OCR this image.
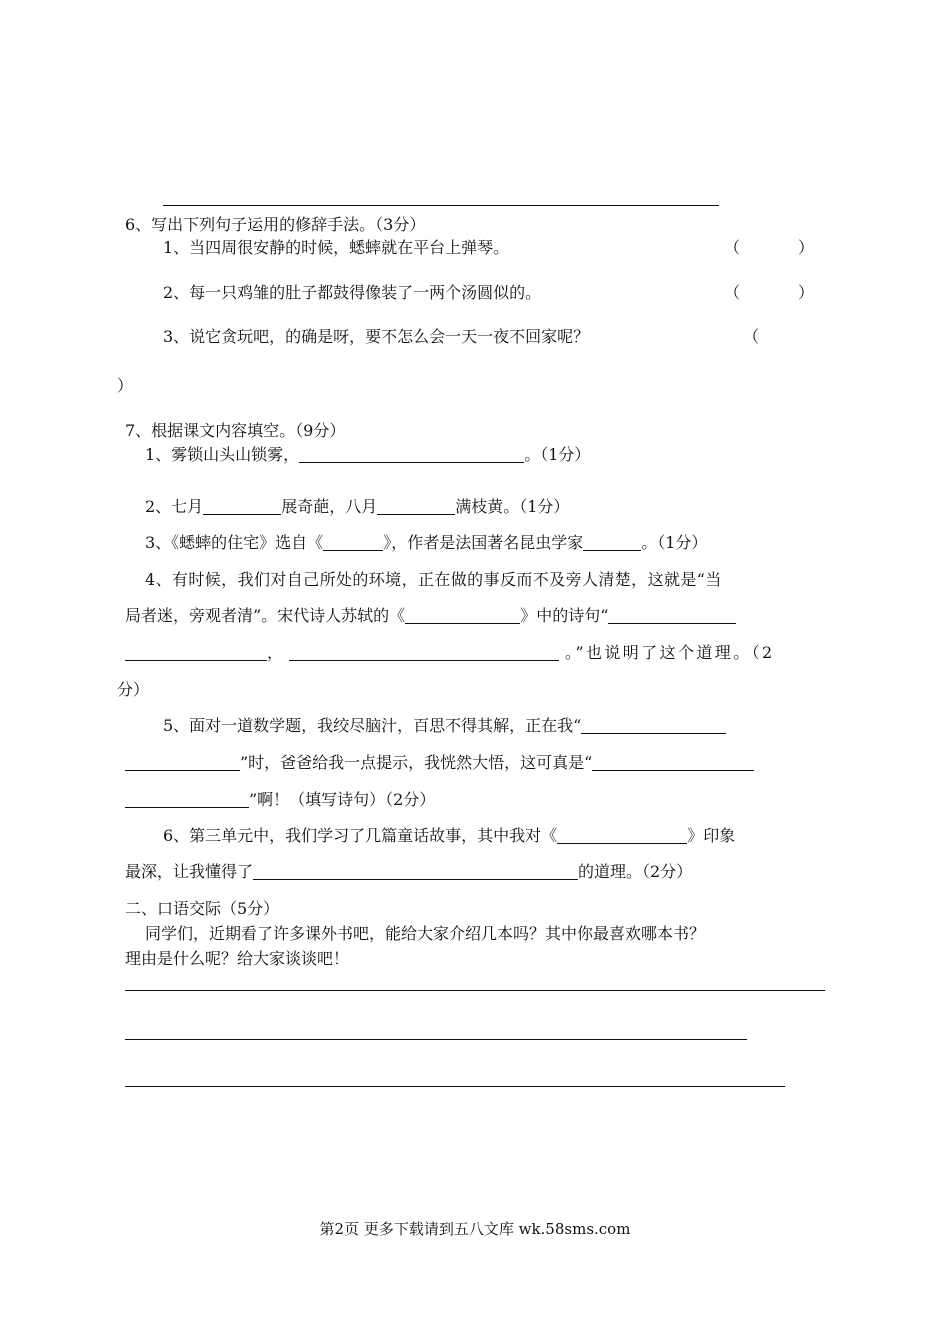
6、写出下列句子运用的修辞手法。（3分）
1、当四周很安静的时候，蟋蟀就在平台上弹琴。	（	）
2、每一只鸡雏的肚子都鼓得像装了一两个汤圆似的。	（	）
3、说它贪玩吧，的确是呀，要不怎么会一天一夜不回家呢？	（
）
7、根据课文内容填空。（9分）
1、雾锁山头山锁雾，	。（1分）
2、七月	展奇葩，八月	满枝黄。（1分）
3、《蟋蟀的住宅》选自《	》，作者是法国著名昆虫学家	。（1分）
4、有时候，我们对自己所处的环境，正在做的事反而不及旁人清楚，这就是“当
局者迷，旁观者清”。宋代诗人苏轼的《	》中的诗句“
，	。”也说明了这个道理。（2
分）
5、面对一道数学题，我绞尽脑汁，百思不得其解，正在我“
”时，爸爸给我一点提示，我恍然大悟，这可真是“
”啊！（填写诗句）（2分）
6、第三单元中，我们学习了几篇童话故事，其中我对《	》印象
最深，让我懂得了	的道理。（2分）
二、口语交际（5分）
同学们，近期看了许多课外书吧，能给大家介绍几本吗？其中你最喜欢哪本书？
理由是什么呢？给大家谈谈吧！
第2页 更多下载请到五八文库 wk.58sms.com
